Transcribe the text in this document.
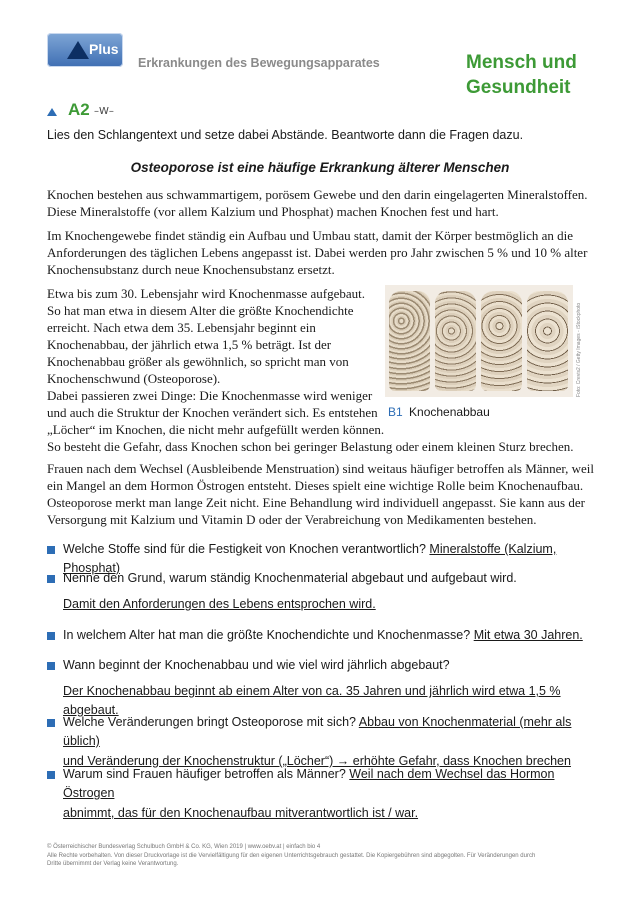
Plus
Erkrankungen des Bewegungsapparates	Mensch und
Gesundheit
A2 –W–
Lies den Schlangentext und setze dabei Abstände. Beantworte dann die Fragen dazu.
Osteoporose ist eine häufige Erkrankung älterer Menschen
Knochen bestehen aus schwammartigem, porösem Gewebe und den darin eingelagerten Mineralstoffen.
Diese Mineralstoffe (vor allem Kalzium und Phosphat) machen Knochen fest und hart.
Im Knochengewebe findet ständig ein Aufbau und Umbau statt, damit der Körper bestmöglich an die
Anforderungen des täglichen Lebens angepasst ist. Dabei werden pro Jahr zwischen 5 % und 10 % alter
Knochensubstanz durch neue Knochensubstanz ersetzt.
Etwa bis zum 30. Lebensjahr wird Knochenmasse aufgebaut.
So hat man etwa in diesem Alter die größte Knochendichte
erreicht. Nach etwa dem 35. Lebensjahr beginnt ein
Knochenabbau, der jährlich etwa 1,5 % beträgt. Ist der
Knochenabbau größer als gewöhnlich, so spricht man von
Knochenschwund (Osteoporose).
Dabei passieren zwei Dinge: Die Knochenmasse wird weniger
und auch die Struktur der Knochen verändert sich. Es entstehen
„Löcher“ im Knochen, die nicht mehr aufgefüllt werden können.
So besteht die Gefahr, dass Knochen schon bei geringer Belastung oder einem kleinen Sturz brechen.
Foto: Crevis2 / Getty Images - iStockphoto
B1 Knochenabbau
Frauen nach dem Wechsel (Ausbleibende Menstruation) sind weitaus häufiger betroffen als Männer, weil
ein Mangel an dem Hormon Östrogen entsteht. Dieses spielt eine wichtige Rolle beim Knochenaufbau.
Osteoporose merkt man lange Zeit nicht. Eine Behandlung wird individuell angepasst. Sie kann aus der
Versorgung mit Kalzium und Vitamin D oder der Verabreichung von Medikamenten bestehen.
Welche Stoffe sind für die Festigkeit von Knochen verantwortlich? Mineralstoffe (Kalzium, Phosphat)
Nenne den Grund, warum ständig Knochenmaterial abgebaut und aufgebaut wird.
Damit den Anforderungen des Lebens entsprochen wird.
In welchem Alter hat man die größte Knochendichte und Knochenmasse? Mit etwa 30 Jahren.
Wann beginnt der Knochenabbau und wie viel wird jährlich abgebaut?
Der Knochenabbau beginnt ab einem Alter von ca. 35 Jahren und jährlich wird etwa 1,5 % abgebaut.
Welche Veränderungen bringt Osteoporose mit sich? Abbau von Knochenmaterial (mehr als üblich)
und Veränderung der Knochenstruktur („Löcher“) → erhöhte Gefahr, dass Knochen brechen
Warum sind Frauen häufiger betroffen als Männer? Weil nach dem Wechsel das Hormon Östrogen
abnimmt, das für den Knochenaufbau mitverantwortlich ist / war.
© Österreichischer Bundesverlag Schulbuch GmbH & Co. KG, Wien 2019 | www.oebv.at | einfach bio 4
Alle Rechte vorbehalten. Von dieser Druckvorlage ist die Vervielfältigung für den eigenen Unterrichtsgebrauch gestattet. Die Kopiergebühren sind abgegolten. Für Veränderungen durch
Dritte übernimmt der Verlag keine Verantwortung.
